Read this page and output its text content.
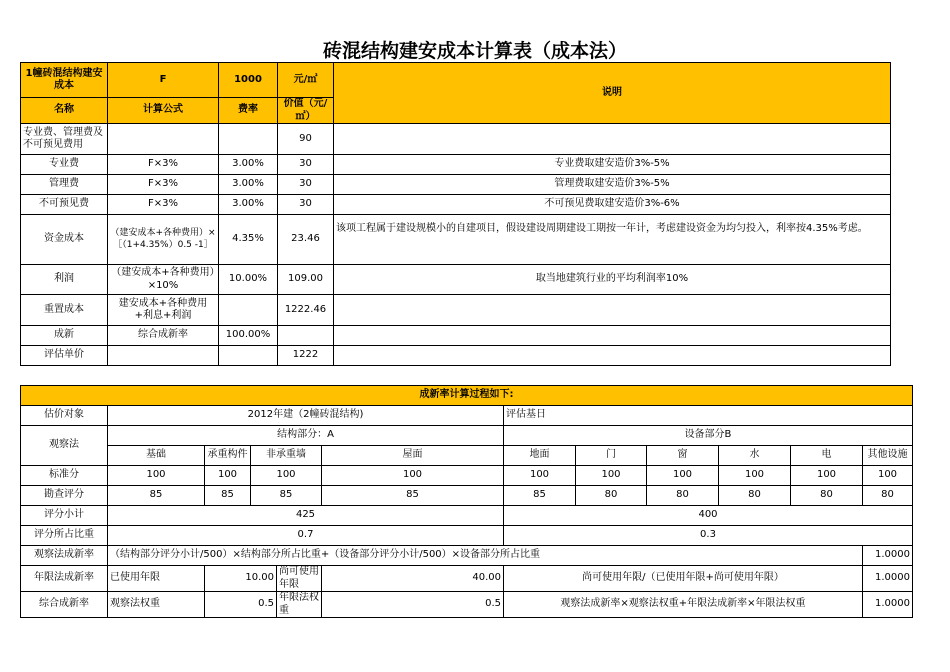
砖混结构建安成本计算表（成本法）
1幢砖混结构建安成本	F	1000	元/㎡	说明
名称	计算公式	费率	价值（元/㎡）	
专业费、管理费及不可预见费用			90	
专业费	F×3%	3.00%	30	专业费取建安造价3%-5%
管理费	F×3%	3.00%	30	管理费取建安造价3%-5%
不可预见费	F×3%	3.00%	30	不可预见费取建安造价3%-6%
资金成本	（建安成本+各种费用）×［（1+4.35%）0.5 -1］	4.35%	23.46	该项工程属于建设规模小的自建项目，假设建设周期建设工期按一年计，考虑建设资金为均匀投入，利率按4.35%考虑。
利润	（建安成本+各种费用）×10%	10.00%	109.00	取当地建筑行业的平均利润率10%
重置成本	建安成本+各种费用+利息+利润		1222.46	
成新	综合成新率	100.00%		
评估单价			1222	
成新率计算过程如下:											
估价对象	2012年建（2幢砖混结构)					评估基日					
观察法	结构部分：A					设备部分B					
	基础	承重构件	非承重墙		屋面	地面	门	窗	水	电	其他设施
标准分	100	100	100		100	100	100	100	100	100	100
勘查评分	85	85	85		85	85	80	80	80	80	80
评分小计	425					400					
评分所占比重	0.7					0.3					
观察法成新率	（结构部分评分小计/500）×结构部分所占比重+（设备部分评分小计/500）×设备部分所占比重										1.0000
年限法成新率	已使用年限	10.00		尚可使用年限	40.00	尚可使用年限/（已使用年限+尚可使用年限）					1.0000
综合成新率	观察法权重	0.5		年限法权重	0.5	观察法成新率×观察法权重+年限法成新率×年限法权重					1.0000
